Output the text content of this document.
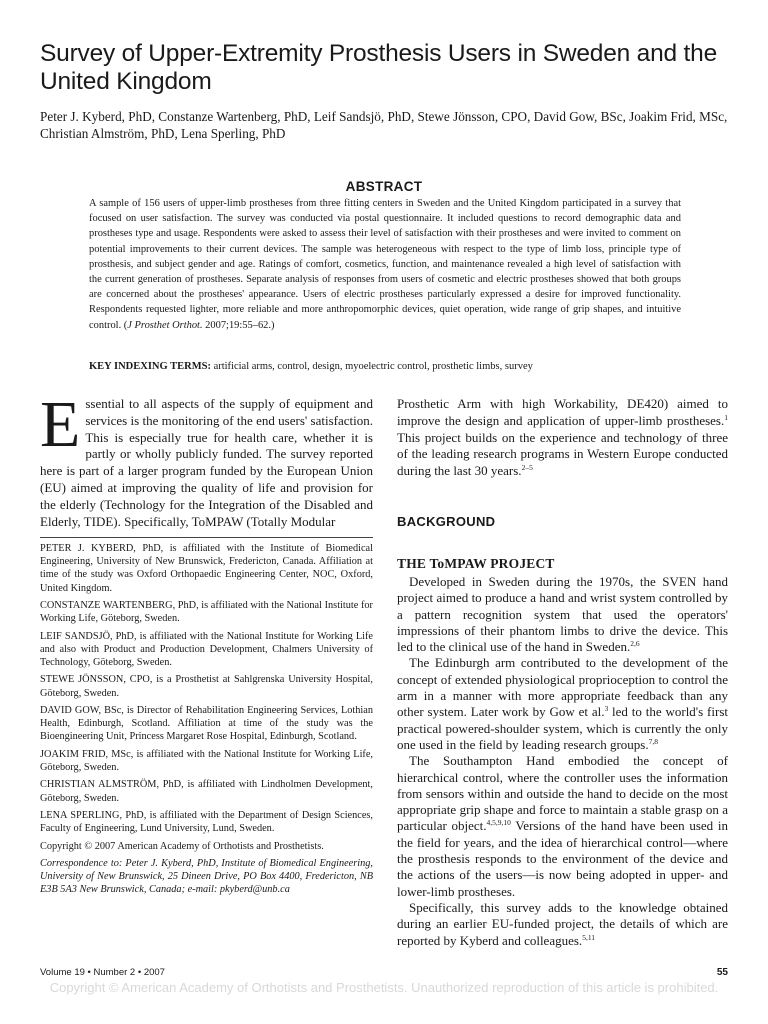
Survey of Upper-Extremity Prosthesis Users in Sweden and the United Kingdom

Peter J. Kyberd, PhD, Constanze Wartenberg, PhD, Leif Sandsjö, PhD, Stewe Jönsson, CPO, David Gow, BSc, Joakim Frid, MSc, Christian Almström, PhD, Lena Sperling, PhD

ABSTRACT

A sample of 156 users of upper-limb prostheses from three fitting centers in Sweden and the United Kingdom participated in a survey that focused on user satisfaction. The survey was conducted via postal questionnaire. It included questions to record demographic data and prostheses type and usage. Respondents were asked to assess their level of satisfaction with their prostheses and were invited to comment on potential improvements to their current devices. The sample was heterogeneous with respect to the type of limb loss, principle type of prosthesis, and subject gender and age. Ratings of comfort, cosmetics, function, and maintenance revealed a high level of satisfaction with the current generation of prostheses. Separate analysis of responses from users of cosmetic and electric prostheses showed that both groups are concerned about the prostheses' appearance. Users of electric prostheses particularly expressed a desire for improved functionality. Respondents requested lighter, more reliable and more anthropomorphic devices, quiet operation, wide range of grip shapes, and intuitive control. (J Prosthet Orthot. 2007;19:55–62.)

KEY INDEXING TERMS: artificial arms, control, design, myoelectric control, prosthetic limbs, survey

Essential to all aspects of the supply of equipment and services is the monitoring of the end users' satisfaction. This is especially true for health care, whether it is partly or wholly publicly funded. The survey reported here is part of a larger program funded by the European Union (EU) aimed at improving the quality of life and provision for the elderly (Technology for the Integration of the Disabled and Elderly, TIDE). Specifically, ToMPAW (Totally Modular

PETER J. KYBERD, PhD, is affiliated with the Institute of Biomedical Engineering, University of New Brunswick, Fredericton, Canada. Affiliation at time of the study was Oxford Orthopaedic Engineering Center, NOC, Oxford, United Kingdom.

CONSTANZE WARTENBERG, PhD, is affiliated with the National Institute for Working Life, Göteborg, Sweden.

LEIF SANDSJÖ, PhD, is affiliated with the National Institute for Working Life and also with Product and Production Development, Chalmers University of Technology, Göteborg, Sweden.

STEWE JÖNSSON, CPO, is a Prosthetist at Sahlgrenska University Hospital, Göteborg, Sweden.

DAVID GOW, BSc, is Director of Rehabilitation Engineering Services, Lothian Health, Edinburgh, Scotland. Affiliation at time of the study was the Bioengineering Unit, Princess Margaret Rose Hospital, Edinburgh, Scotland.

JOAKIM FRID, MSc, is affiliated with the National Institute for Working Life, Göteborg, Sweden.

CHRISTIAN ALMSTRÖM, PhD, is affiliated with Lindholmen Development, Göteborg, Sweden.

LENA SPERLING, PhD, is affiliated with the Department of Design Sciences, Faculty of Engineering, Lund University, Lund, Sweden.

Copyright © 2007 American Academy of Orthotists and Prosthetists.

Correspondence to: Peter J. Kyberd, PhD, Institute of Biomedical Engineering, University of New Brunswick, 25 Dineen Drive, PO Box 4400, Fredericton, NB E3B 5A3 New Brunswick, Canada; e-mail: pkyberd@unb.ca

Prosthetic Arm with high Workability, DE420) aimed to improve the design and application of upper-limb prostheses.$^1$ This project builds on the experience and technology of three of the leading research programs in Western Europe conducted during the last 30 years.$^{2-5}$

BACKGROUND
THE ToMPAW PROJECT

Developed in Sweden during the 1970s, the SVEN hand project aimed to produce a hand and wrist system controlled by a pattern recognition system that used the operators' impressions of their phantom limbs to drive the device. This led to the clinical use of the hand in Sweden.$^{2,6}$

The Edinburgh arm contributed to the development of the concept of extended physiological proprioception to control the arm in a manner with more appropriate feedback than any other system. Later work by Gow et al.$^3$ led to the world's first practical powered-shoulder system, which is currently the only one used in the field by leading research groups.$^{7,8}$

The Southampton Hand embodied the concept of hierarchical control, where the controller uses the information from sensors within and outside the hand to decide on the most appropriate grip shape and force to maintain a stable grasp on a particular object.$^{4,5,9,10}$ Versions of the hand have been used in the field for years, and the idea of hierarchical control—where the prosthesis responds to the environment of the device and the actions of the users—is now being adopted in upper- and lower-limb prostheses.

Specifically, this survey adds to the knowledge obtained during an earlier EU-funded project, the details of which are reported by Kyberd and colleagues.$^{5,11}$

Volume 19 • Number 2 • 2007	55

Copyright © American Academy of Orthotists and Prosthetists. Unauthorized reproduction of this article is prohibited.
